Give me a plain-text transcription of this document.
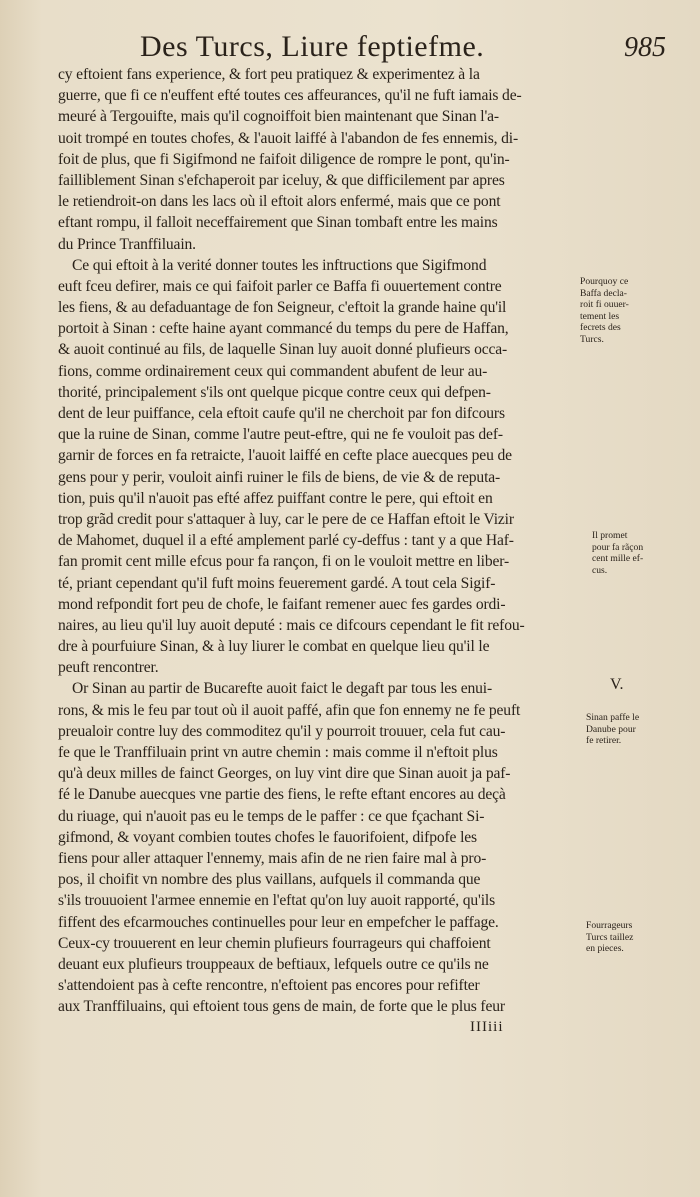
Des Turcs, Liure feptiefme.	985
cy eftoient fans experience, & fort peu pratiquez & experimentez à la
guerre, que fi ce n'euffent efté toutes ces affeurances, qu'il ne fuft iamais de-
meuré à Tergouifte, mais qu'il cognoiffoit bien maintenant que Sinan l'a-
uoit trompé en toutes chofes, & l'auoit laiffé à l'abandon de fes ennemis, di-
foit de plus, que fi Sigifmond ne faifoit diligence de rompre le pont, qu'in-
failliblement Sinan s'efchaperoit par iceluy, & que difficilement par apres
le retiendroit-on dans les lacs où il eftoit alors enfermé, mais que ce pont
eftant rompu, il falloit neceffairement que Sinan tombaft entre les mains
du Prince Tranffiluain.
Ce qui eftoit à la verité donner toutes les inftructions que Sigifmond
euft fceu defirer, mais ce qui faifoit parler ce Baffa fi ouuertement contre
les fiens, & au defaduantage de fon Seigneur, c'eftoit la grande haine qu'il
portoit à Sinan : cefte haine ayant commancé du temps du pere de Haffan,
& auoit continué au fils, de laquelle Sinan luy auoit donné plufieurs occa-
fions, comme ordinairement ceux qui commandent abufent de leur au-
thorité, principalement s'ils ont quelque picque contre ceux qui defpen-
dent de leur puiffance, cela eftoit caufe qu'il ne cherchoit par fon difcours
que la ruine de Sinan, comme l'autre peut-eftre, qui ne fe vouloit pas def-
garnir de forces en fa retraicte, l'auoit laiffé en cefte place auecques peu de
gens pour y perir, vouloit ainfi ruiner le fils de biens, de vie & de reputa-
tion, puis qu'il n'auoit pas efté affez puiffant contre le pere, qui eftoit en
trop grãd credit pour s'attaquer à luy, car le pere de ce Haffan eftoit le Vizir
de Mahomet, duquel il a efté amplement parlé cy-deffus : tant y a que Haf-
fan promit cent mille efcus pour fa rançon, fi on le vouloit mettre en liber-
té, priant cependant qu'il fuft moins feuerement gardé. A tout cela Sigif-
mond refpondit fort peu de chofe, le faifant remener auec fes gardes ordi-
naires, au lieu qu'il luy auoit deputé : mais ce difcours cependant le fit refou-
dre à pourfuiure Sinan, & à luy liurer le combat en quelque lieu qu'il le
peuft rencontrer.
Or Sinan au partir de Bucarefte auoit faict le degaft par tous les enui-
rons, & mis le feu par tout où il auoit paffé, afin que fon ennemy ne fe peuft
preualoir contre luy des commoditez qu'il y pourroit trouuer, cela fut cau-
fe que le Tranffiluain print vn autre chemin : mais comme il n'eftoit plus
qu'à deux milles de fainct Georges, on luy vint dire que Sinan auoit ja paf-
fé le Danube auecques vne partie des fiens, le refte eftant encores au deçà
du riuage, qui n'auoit pas eu le temps de le paffer : ce que fçachant Si-
gifmond, & voyant combien toutes chofes le fauorifoient, difpofe les
fiens pour aller attaquer l'ennemy, mais afin de ne rien faire mal à pro-
pos, il choifit vn nombre des plus vaillans, aufquels il commanda que
s'ils trouuoient l'armee ennemie en l'eftat qu'on luy auoit rapporté, qu'ils
fiffent des efcarmouches continuelles pour leur en empefcher le paffage.
Ceux-cy trouuerent en leur chemin plufieurs fourrageurs qui chaffoient
deuant eux plufieurs trouppeaux de beftiaux, lefquels outre ce qu'ils ne
s'attendoient pas à cefte rencontre, n'eftoient pas encores pour refifter
aux Tranffiluains, qui eftoient tous gens de main, de forte que le plus feur
IIIiii
Pourquoy ce
Baffa decla-
roit fi ouuer-
tement les
fecrets des
Turcs.
Il promet
pour fa rãçon
cent mille ef-
cus.
V.
Sinan paffe le
Danube pour
fe retirer.
Fourrageurs
Turcs taillez
en pieces.
